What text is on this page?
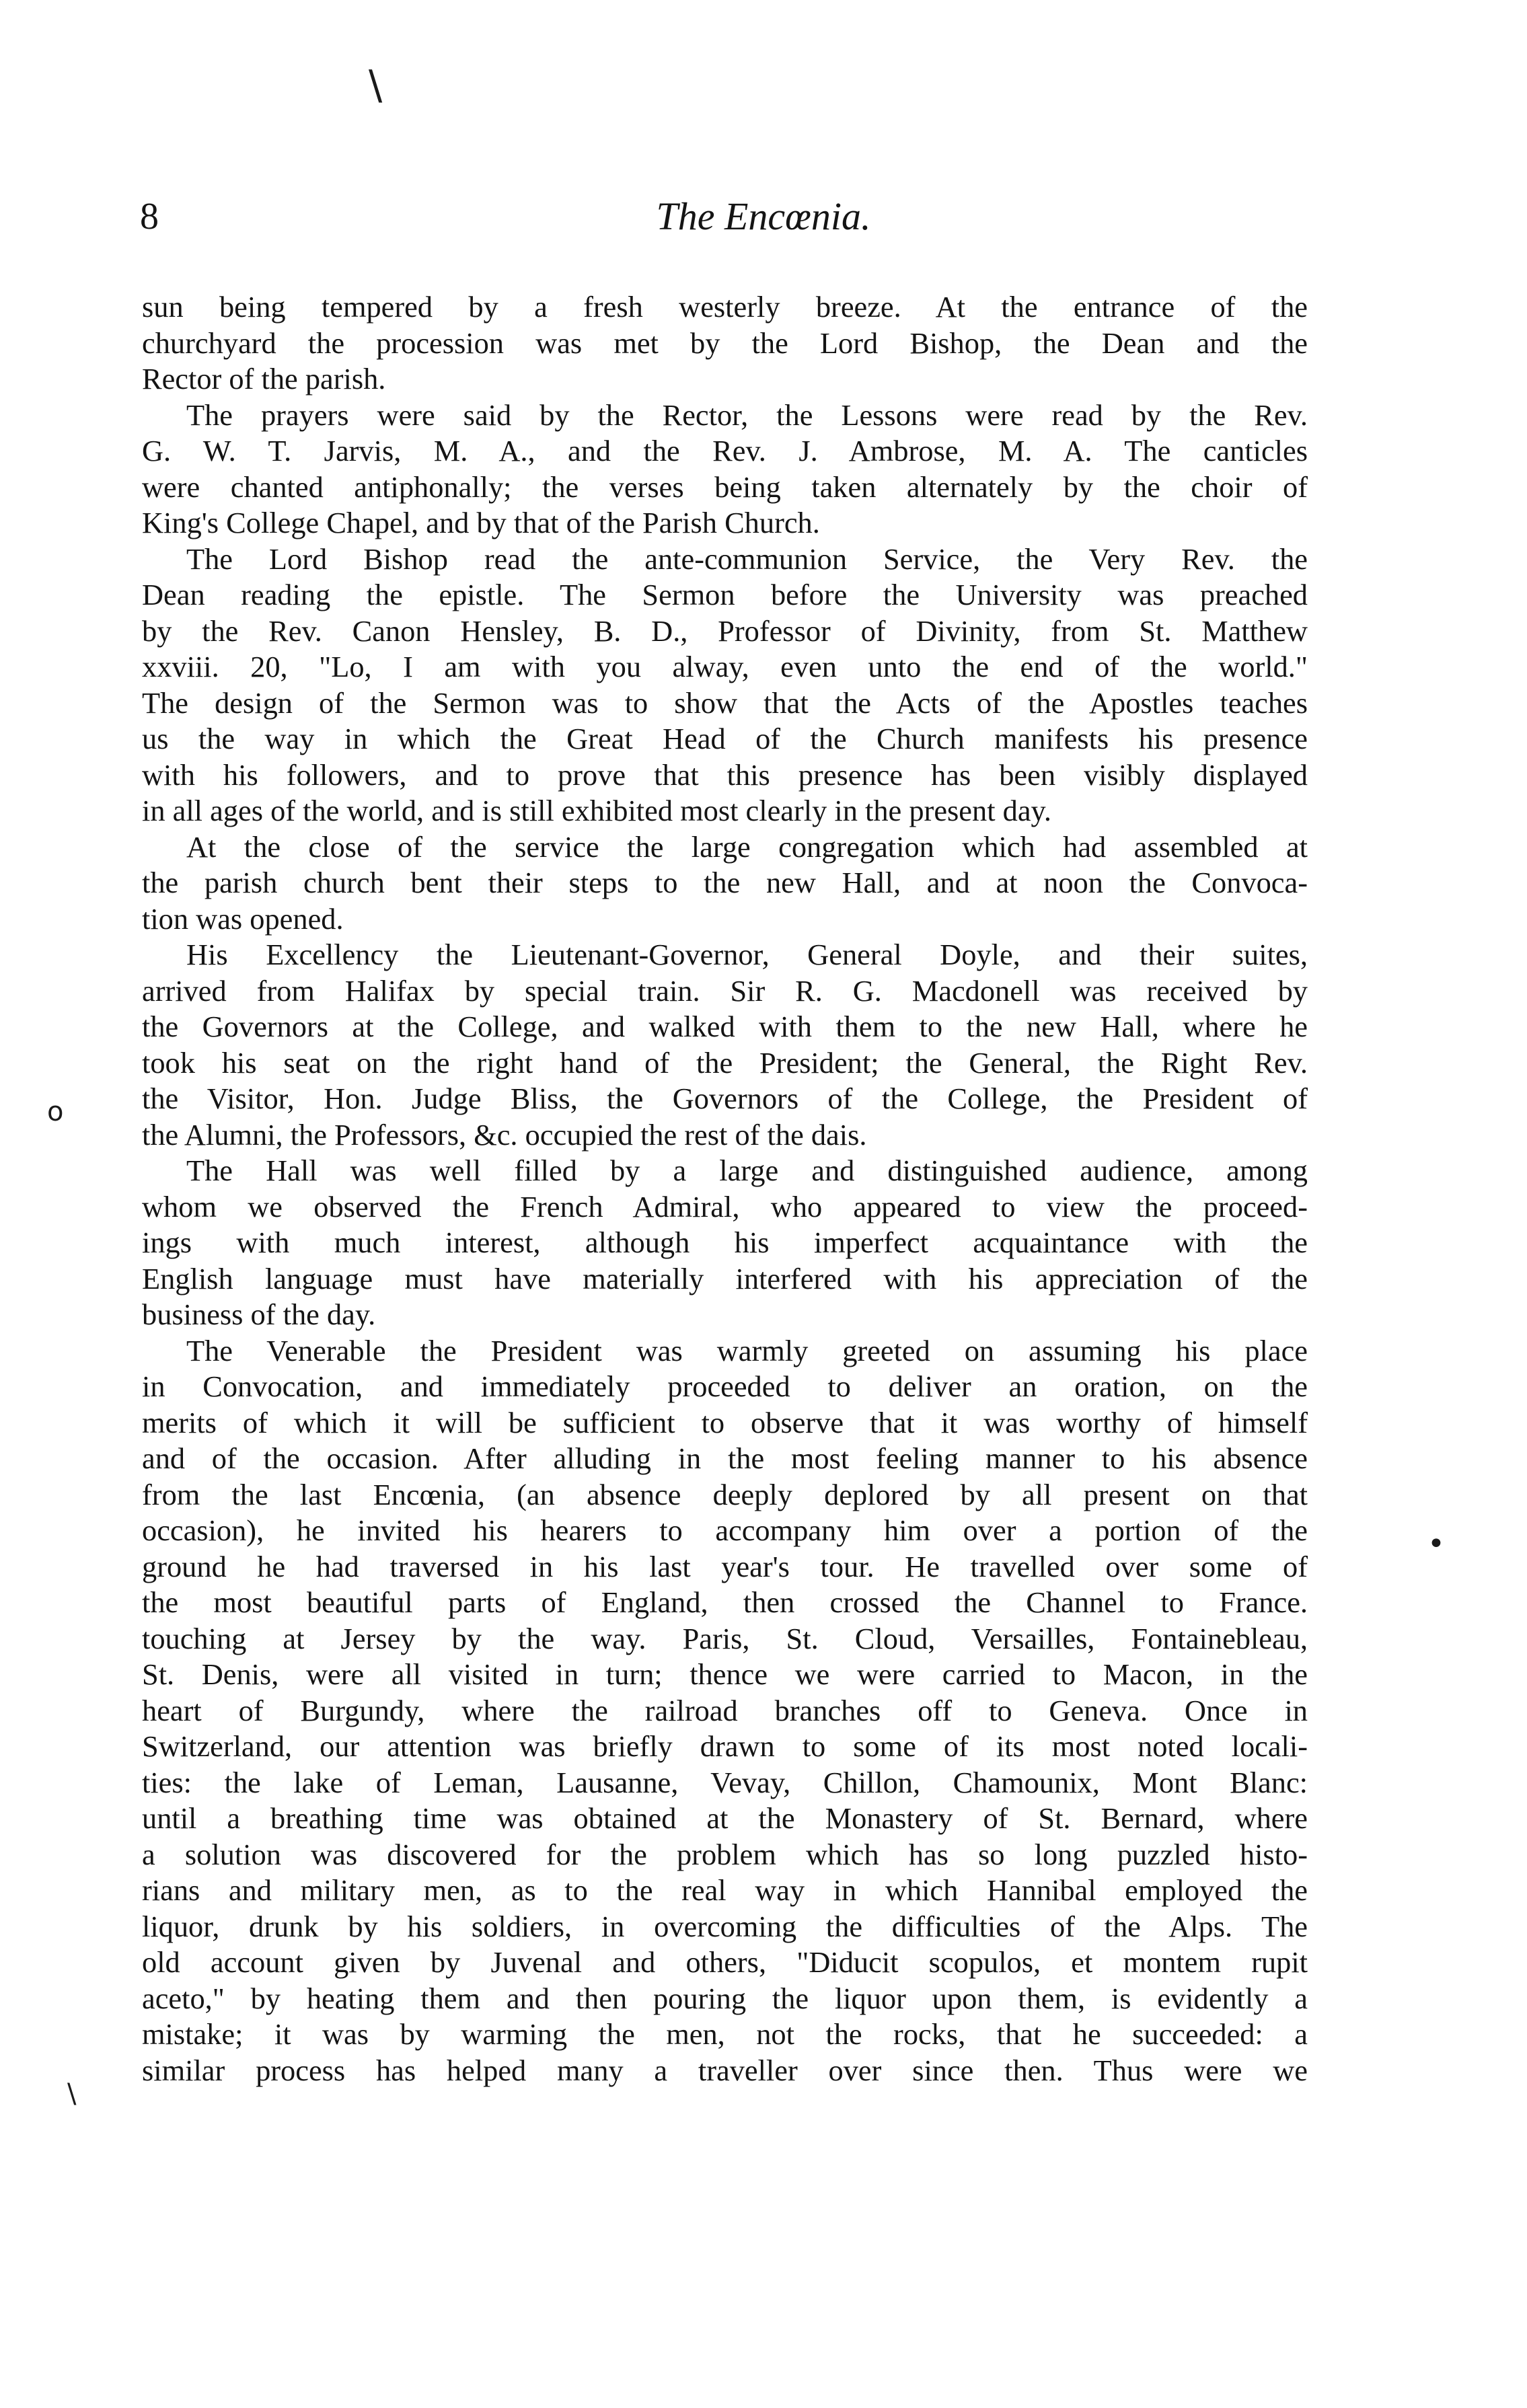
8	The Encœnia.
\
o
•
\
sun being tempered by a fresh westerly breeze. At the entrance of the
churchyard the procession was met by the Lord Bishop, the Dean and the
Rector of the parish.
The prayers were said by the Rector, the Lessons were read by the Rev.
G. W. T. Jarvis, M. A., and the Rev. J. Ambrose, M. A. The canticles
were chanted antiphonally; the verses being taken alternately by the choir of
King's College Chapel, and by that of the Parish Church.
The Lord Bishop read the ante-communion Service, the Very Rev. the
Dean reading the epistle. The Sermon before the University was preached
by the Rev. Canon Hensley, B. D., Professor of Divinity, from St. Matthew
xxviii. 20, "Lo, I am with you alway, even unto the end of the world."
The design of the Sermon was to show that the Acts of the Apostles teaches
us the way in which the Great Head of the Church manifests his presence
with his followers, and to prove that this presence has been visibly displayed
in all ages of the world, and is still exhibited most clearly in the present day.
At the close of the service the large congregation which had assembled at
the parish church bent their steps to the new Hall, and at noon the Convoca-
tion was opened.
His Excellency the Lieutenant-Governor, General Doyle, and their suites,
arrived from Halifax by special train. Sir R. G. Macdonell was received by
the Governors at the College, and walked with them to the new Hall, where he
took his seat on the right hand of the President; the General, the Right Rev.
the Visitor, Hon. Judge Bliss, the Governors of the College, the President of
the Alumni, the Professors, &c. occupied the rest of the dais.
The Hall was well filled by a large and distinguished audience, among
whom we observed the French Admiral, who appeared to view the proceed-
ings with much interest, although his imperfect acquaintance with the
English language must have materially interfered with his appreciation of the
business of the day.
The Venerable the President was warmly greeted on assuming his place
in Convocation, and immediately proceeded to deliver an oration, on the
merits of which it will be sufficient to observe that it was worthy of himself
and of the occasion. After alluding in the most feeling manner to his absence
from the last Encœnia, (an absence deeply deplored by all present on that
occasion), he invited his hearers to accompany him over a portion of the
ground he had traversed in his last year's tour. He travelled over some of
the most beautiful parts of England, then crossed the Channel to France.
touching at Jersey by the way. Paris, St. Cloud, Versailles, Fontainebleau,
St. Denis, were all visited in turn; thence we were carried to Macon, in the
heart of Burgundy, where the railroad branches off to Geneva. Once in
Switzerland, our attention was briefly drawn to some of its most noted locali-
ties: the lake of Leman, Lausanne, Vevay, Chillon, Chamounix, Mont Blanc:
until a breathing time was obtained at the Monastery of St. Bernard, where
a solution was discovered for the problem which has so long puzzled histo-
rians and military men, as to the real way in which Hannibal employed the
liquor, drunk by his soldiers, in overcoming the difficulties of the Alps. The
old account given by Juvenal and others, "Diducit scopulos, et montem rupit
aceto," by heating them and then pouring the liquor upon them, is evidently a
mistake; it was by warming the men, not the rocks, that he succeeded: a
similar process has helped many a traveller over since then. Thus were we
